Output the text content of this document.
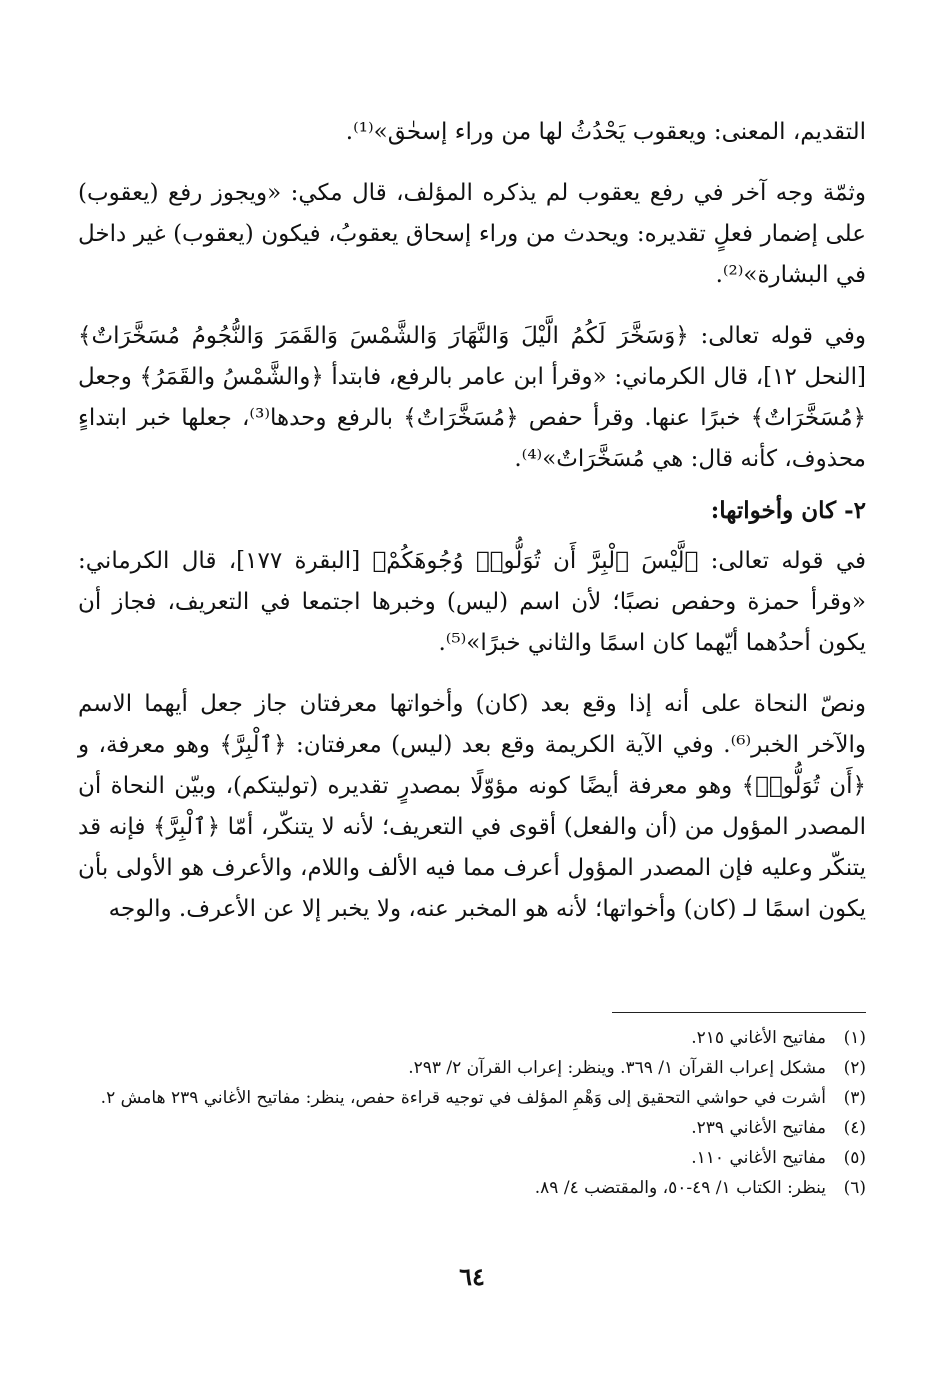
التقديم، المعنى: ويعقوب يَحْدُثُ لها من وراء إسحٰق»⁽¹⁾.

وثمّة وجه آخر في رفع يعقوب لم يذكره المؤلف، قال مكي: «ويجوز رفع (يعقوب) على إضمار فعلٍ تقديره: ويحدث من وراء إسحاق يعقوبُ، فيكون (يعقوب) غير داخل في البشارة»⁽²⁾.

وفي قوله تعالى: ﴿وَسَخَّرَ لَكُمُ الَّيْلَ وَالنَّهَارَ وَالشَّمْسَ وَالقَمَرَ وَالنُّجُومُ مُسَخَّرَاتٌ﴾ [النحل ١٢]، قال الكرماني: «وقرأ ابن عامر بالرفع، فابتدأ ﴿والشَّمْسُ والقَمَرُ﴾ وجعل ﴿مُسَخَّرَاتٌ﴾ خبرًا عنها. وقرأ حفص ﴿مُسَخَّرَاتٌ﴾ بالرفع وحدها⁽³⁾، جعلها خبر ابتداءٍ محذوف، كأنه قال: هي مُسَخَّرَاتٌ»⁽⁴⁾.

٢- كان وأخواتها:

في قوله تعالى: ﴿لَّيْسَ ٱلْبِرَّ أَن تُوَلُّوا۟ وُجُوهَكُمْ﴾ [البقرة ١٧٧]، قال الكرماني: «وقرأ حمزة وحفص نصبًا؛ لأن اسم (ليس) وخبرها اجتمعا في التعريف، فجاز أن يكون أحدُهما أيّهما كان اسمًا والثاني خبرًا»⁽⁵⁾.

ونصّ النحاة على أنه إذا وقع بعد (كان) وأخواتها معرفتان جاز جعل أيهما الاسم والآخر الخبر⁽⁶⁾. وفي الآية الكريمة وقع بعد (ليس) معرفتان: ﴿ٱلْبِرَّ﴾ وهو معرفة، و ﴿أَن تُوَلُّوا۟﴾ وهو معرفة أيضًا كونه مؤوّلًا بمصدرٍ تقديره (توليتكم)، وبيّن النحاة أن المصدر المؤول من (أن والفعل) أقوى في التعريف؛ لأنه لا يتنكّر، أمّا ﴿ٱلْبِرَّ﴾ فإنه قد يتنكّر وعليه فإن المصدر المؤول أعرف مما فيه الألف واللام، والأعرف هو الأولى بأن يكون اسمًا لـ (كان) وأخواتها؛ لأنه هو المخبر عنه، ولا يخبر إلا عن الأعرف. والوجه

(١)
مفاتيح الأغاني ٢١٥.
(٢)
مشكل إعراب القرآن ١/ ٣٦٩. وينظر: إعراب القرآن ٢/ ٢٩٣.
(٣)
أشرت في حواشي التحقيق إلى وَهْمِ المؤلف في توجيه قراءة حفص، ينظر: مفاتيح الأغاني ٢٣٩ هامش ٢.
(٤)
مفاتيح الأغاني ٢٣٩.
(٥)
مفاتيح الأغاني ١١٠.
(٦)
ينظر: الكتاب ١/ ٤٩-٥٠، والمقتضب ٤/ ٨٩.
٦٤
